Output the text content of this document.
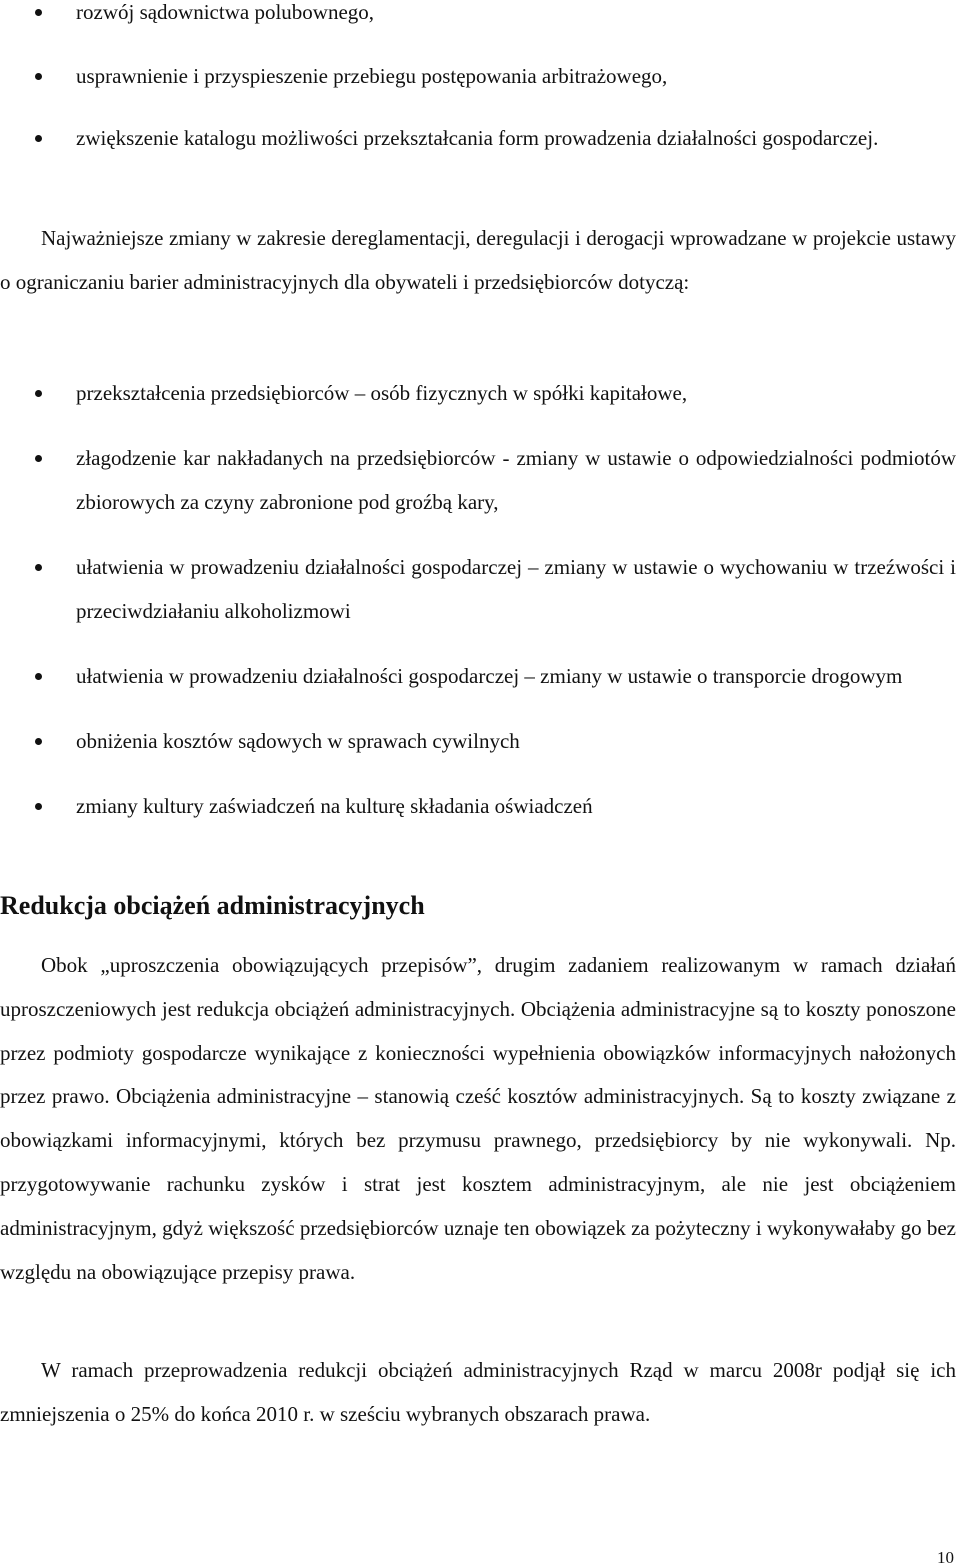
rozwój sądownictwa polubownego,
usprawnienie i przyspieszenie przebiegu postępowania arbitrażowego,
zwiększenie katalogu możliwości przekształcania form prowadzenia działalności gospodarczej.

Najważniejsze zmiany w zakresie dereglamentacji, deregulacji i derogacji wprowadzane w projekcie ustawy o ograniczaniu barier administracyjnych dla obywateli i przedsiębiorców dotyczą:

przekształcenia przedsiębiorców – osób fizycznych w spółki kapitałowe,
złagodzenie kar nakładanych na przedsiębiorców - zmiany w ustawie o odpowiedzialności podmiotów zbiorowych za czyny zabronione pod groźbą kary,
ułatwienia w prowadzeniu działalności gospodarczej – zmiany w ustawie o wychowaniu w trzeźwości i przeciwdziałaniu alkoholizmowi
ułatwienia w prowadzeniu działalności gospodarczej – zmiany w ustawie o transporcie drogowym
obniżenia kosztów sądowych w sprawach cywilnych
zmiany kultury zaświadczeń na kulturę składania oświadczeń
Redukcja obciążeń administracyjnych

Obok „uproszczenia obowiązujących przepisów”, drugim zadaniem realizowanym w ramach działań uproszczeniowych jest redukcja obciążeń administracyjnych. Obciążenia administracyjne są to koszty ponoszone przez podmioty gospodarcze wynikające z konieczności wypełnienia obowiązków informacyjnych nałożonych przez prawo. Obciążenia administracyjne – stanowią cześć kosztów administracyjnych. Są to koszty związane z obowiązkami informacyjnymi, których bez przymusu prawnego, przedsiębiorcy by nie wykonywali. Np. przygotowywanie rachunku zysków i strat jest kosztem administracyjnym, ale nie jest obciążeniem administracyjnym, gdyż większość przedsiębiorców uznaje ten obowiązek za pożyteczny i wykonywałaby go bez względu na obowiązujące przepisy prawa.

W ramach przeprowadzenia redukcji obciążeń administracyjnych Rząd w marcu 2008r podjął się ich zmniejszenia o 25% do końca 2010 r. w sześciu wybranych obszarach prawa.

10
